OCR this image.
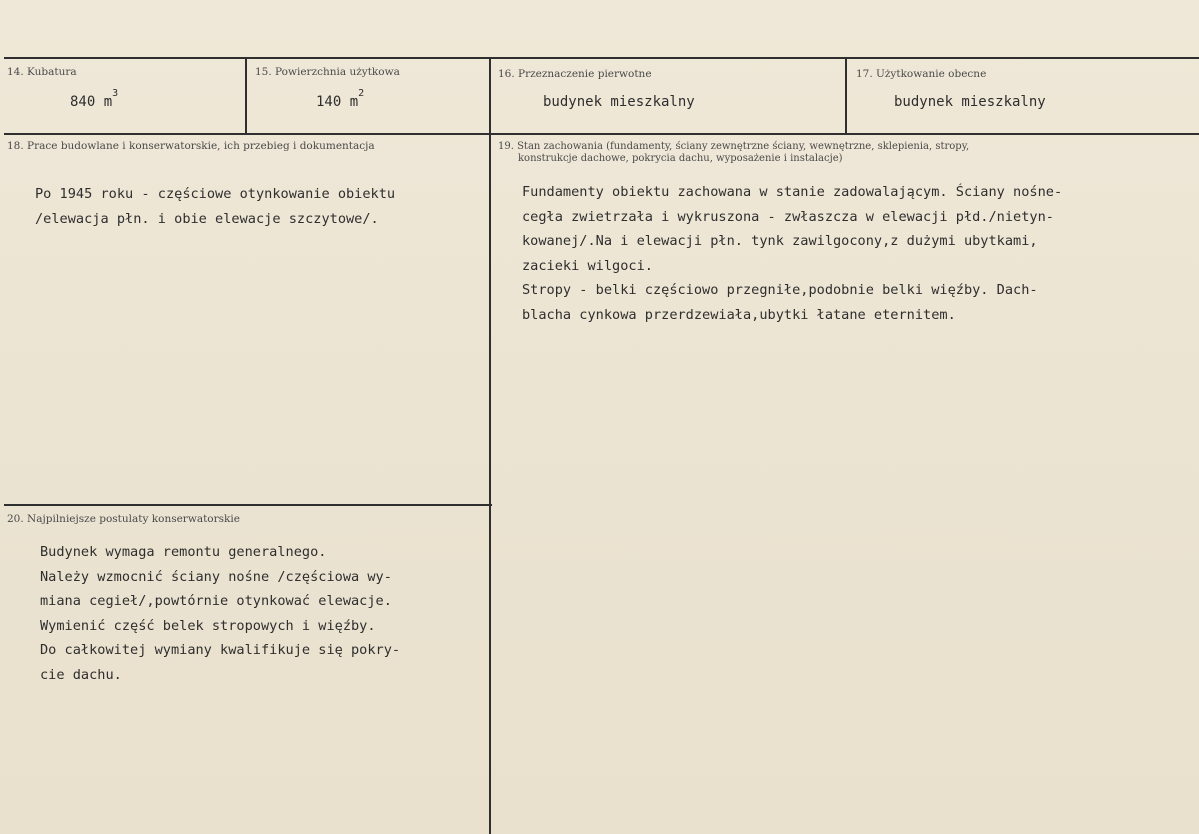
14. Kubatura
840 $m^3$
15. Powierzchnia użytkowa
140 $m^2$
16. Przeznaczenie pierwotne
budynek mieszkalny
17. Użytkowanie obecne
budynek mieszkalny
18. Prace budowlane i konserwatorskie, ich przebieg i dokumentacja
Po 1945 roku - częściowe otynkowanie obiektu
/elewacja płn. i obie elewacje szczytowe/.
19. Stan zachowania (fundamenty, ściany zewnętrzne ściany, wewnętrzne, sklepienia, stropy,
konstrukcje dachowe, pokrycia dachu, wyposażenie i instalacje)
Fundamenty obiektu zachowana w stanie zadowalającym. Ściany nośne-
cegła zwietrzała i wykruszona - zwłaszcza w elewacji płd./nietyn-
kowanej/.Na i elewacji płn. tynk zawilgocony,z dużymi ubytkami,
zacieki wilgoci.
Stropy - belki częściowo przegniłe,podobnie belki więźby. Dach-
blacha cynkowa przerdzewiała,ubytki łatane eternitem.
20. Najpilniejsze postulaty konserwatorskie
Budynek wymaga remontu generalnego.
Należy wzmocnić ściany nośne /częściowa wy-
miana cegieł/,powtórnie otynkować elewacje.
Wymienić część belek stropowych i więźby.
Do całkowitej wymiany kwalifikuje się pokry-
cie dachu.
